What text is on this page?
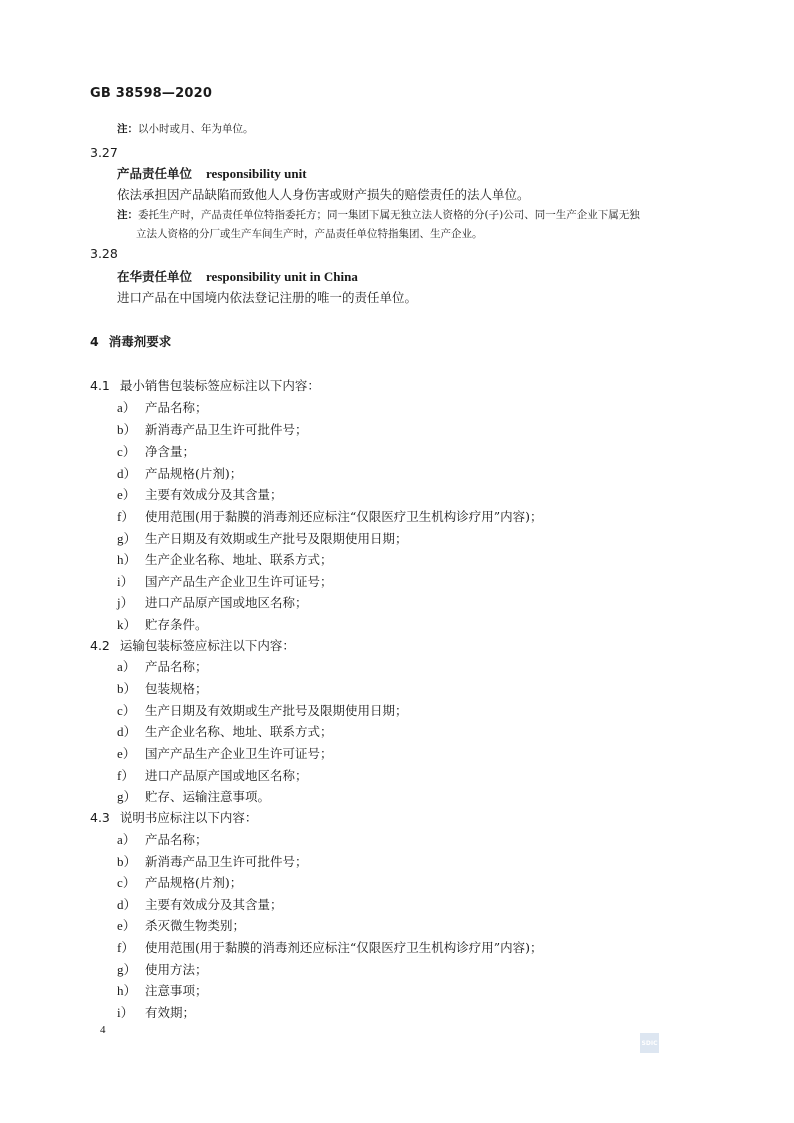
GB 38598—2020
注：以小时或月、年为单位。
3.27
产品责任单位 responsibility unit
依法承担因产品缺陷而致他人人身伤害或财产损失的赔偿责任的法人单位。
注：委托生产时，产品责任单位特指委托方；同一集团下属无独立法人资格的分(子)公司、同一生产企业下属无独
立法人资格的分厂或生产车间生产时，产品责任单位特指集团、生产企业。
3.28
在华责任单位 responsibility unit in China
进口产品在中国境内依法登记注册的唯一的责任单位。
4 消毒剂要求
4.1 最小销售包装标签应标注以下内容：
a） 产品名称；
b） 新消毒产品卫生许可批件号；
c） 净含量；
d） 产品规格(片剂)；
e） 主要有效成分及其含量；
f） 使用范围(用于黏膜的消毒剂还应标注“仅限医疗卫生机构诊疗用”内容)；
g） 生产日期及有效期或生产批号及限期使用日期；
h） 生产企业名称、地址、联系方式；
i） 国产产品生产企业卫生许可证号；
j） 进口产品原产国或地区名称；
k） 贮存条件。
4.2 运输包装标签应标注以下内容：
a） 产品名称；
b） 包装规格；
c） 生产日期及有效期或生产批号及限期使用日期；
d） 生产企业名称、地址、联系方式；
e） 国产产品生产企业卫生许可证号；
f） 进口产品原产国或地区名称；
g） 贮存、运输注意事项。
4.3 说明书应标注以下内容：
a） 产品名称；
b） 新消毒产品卫生许可批件号；
c） 产品规格(片剂)；
d） 主要有效成分及其含量；
e） 杀灭微生物类别；
f） 使用范围(用于黏膜的消毒剂还应标注“仅限医疗卫生机构诊疗用”内容)；
g） 使用方法；
h） 注意事项；
i） 有效期；
4
SDIC
